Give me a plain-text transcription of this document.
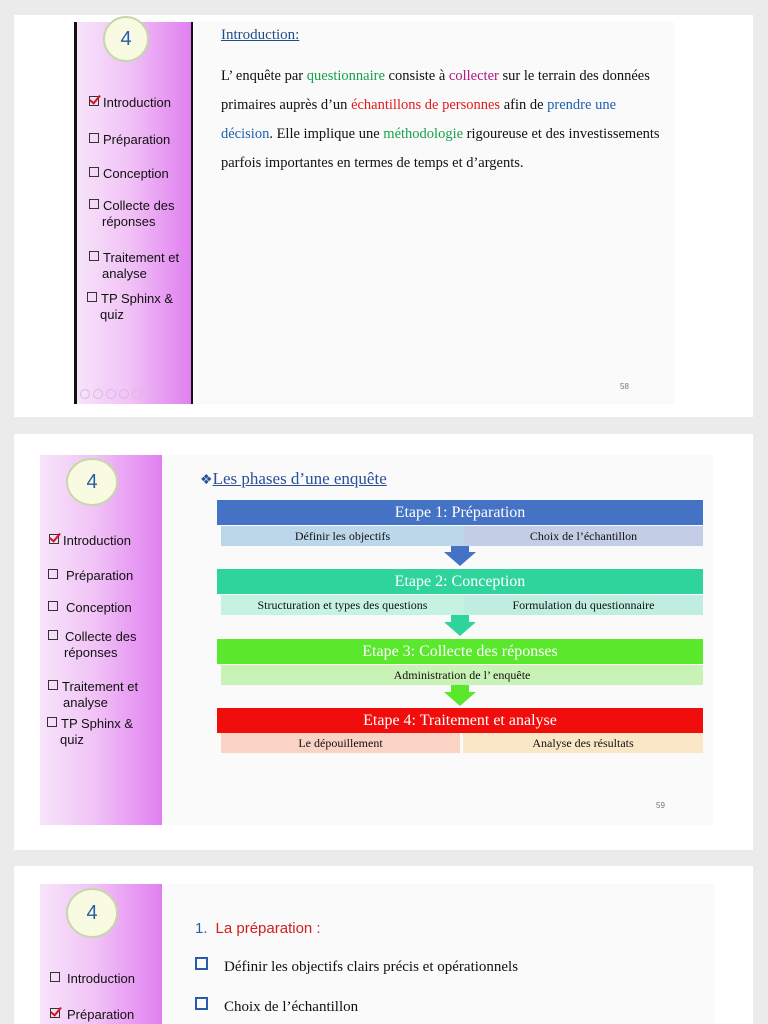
4
Introduction
Préparation
Conception
Collecte des
réponses
Traitement et
analyse
TP Sphinx &
quiz
Introduction:
L’ enquête par questionnaire consiste à collecter sur le terrain des données primaires auprès d’un échantillons de personnes afin de prendre une décision. Elle implique une méthodologie rigoureuse et des investissements parfois importantes en termes de temps et d’argents.
58
4
Introduction
Préparation
Conception
Collecte des
réponses
Traitement et
analyse
TP Sphinx &
quiz
❖Les phases d’une enquête
Etape 1: Préparation
Définir les objectifs	Choix de l’échantillon
Etape 2: Conception
Structuration et types des questions	Formulation du questionnaire
Etape 3: Collecte des réponses
Administration de l’ enquête
Etape 4: Traitement et analyse
Le dépouillement	Analyse des résultats
59
4
Introduction
Préparation
1. La préparation :
Définir les objectifs clairs précis et opérationnels
Choix de l’échantillon
